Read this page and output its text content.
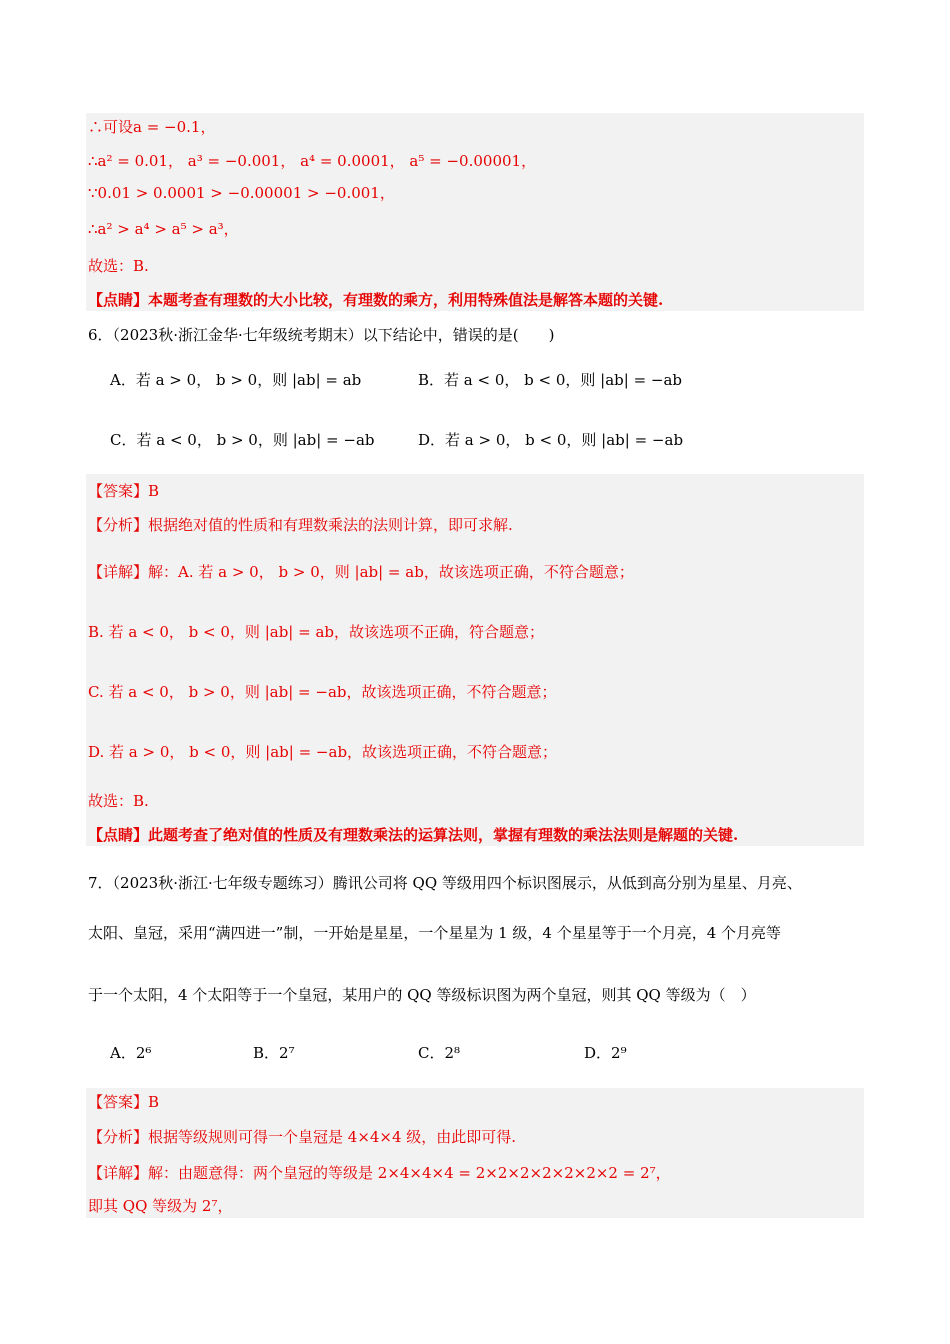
∴可设a = −0.1，
∴a² = 0.01， a³ = −0.001， a⁴ = 0.0001， a⁵ = −0.00001，
∵0.01 > 0.0001 > −0.00001 > −0.001，
∴a² > a⁴ > a⁵ > a³，
故选：B.
【点睛】本题考查有理数的大小比较，有理数的乘方，利用特殊值法是解答本题的关键.
6．（2023秋·浙江金华·七年级统考期末）以下结论中，错误的是(　　)
A．若 a > 0， b > 0，则 |ab| = ab	B．若 a < 0， b < 0，则 |ab| = −ab
C．若 a < 0， b > 0，则 |ab| = −ab	D．若 a > 0， b < 0，则 |ab| = −ab
【答案】B
【分析】根据绝对值的性质和有理数乘法的法则计算，即可求解.
【详解】解：A. 若 a > 0， b > 0，则 |ab| = ab，故该选项正确，不符合题意；
B. 若 a < 0， b < 0，则 |ab| = ab，故该选项不正确，符合题意；
C. 若 a < 0， b > 0，则 |ab| = −ab，故该选项正确，不符合题意；
D. 若 a > 0， b < 0，则 |ab| = −ab，故该选项正确，不符合题意；
故选：B.
【点睛】此题考查了绝对值的性质及有理数乘法的运算法则，掌握有理数的乘法法则是解题的关键.
7．（2023秋·浙江·七年级专题练习）腾讯公司将 QQ 等级用四个标识图展示，从低到高分别为星星、月亮、
太阳、皇冠，采用“满四进一”制，一开始是星星，一个星星为 1 级，4 个星星等于一个月亮，4 个月亮等
于一个太阳，4 个太阳等于一个皇冠，某用户的 QQ 等级标识图为两个皇冠，则其 QQ 等级为（　）
A．2⁶	B．2⁷	C．2⁸	D．2⁹
【答案】B
【分析】根据等级规则可得一个皇冠是 4×4×4 级，由此即可得.
【详解】解：由题意得：两个皇冠的等级是 2×4×4×4 = 2×2×2×2×2×2×2 = 2⁷，
即其 QQ 等级为 2⁷，
